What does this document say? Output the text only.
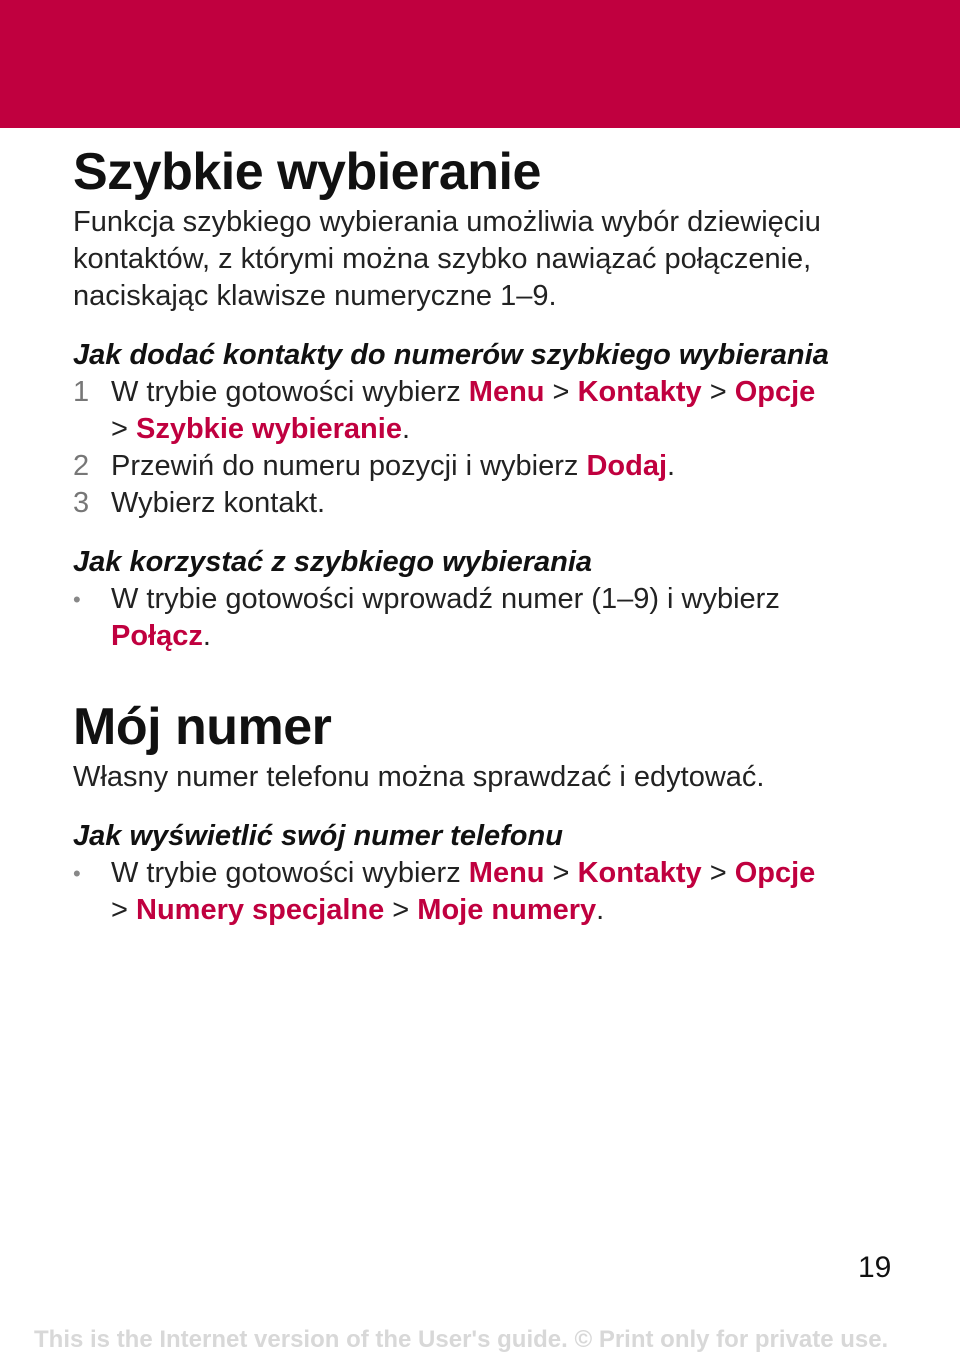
Szybkie wybieranie

Funkcja szybkiego wybierania umożliwia wybór dziewięciu kontaktów, z którymi można szybko nawiązać połączenie, naciskając klawisze numeryczne 1–9.

Jak dodać kontakty do numerów szybkiego wybierania
1 W trybie gotowości wybierz Menu > Kontakty > Opcje
> Szybkie wybieranie.
2 Przewiń do numeru pozycji i wybierz Dodaj.
3 Wybierz kontakt.
Jak korzystać z szybkiego wybierania
• W trybie gotowości wprowadź numer (1–9) i wybierz
Połącz.
Mój numer

Własny numer telefonu można sprawdzać i edytować.

Jak wyświetlić swój numer telefonu
• W trybie gotowości wybierz Menu > Kontakty > Opcje
> Numery specjalne > Moje numery.
19
This is the Internet version of the User's guide. © Print only for private use.
